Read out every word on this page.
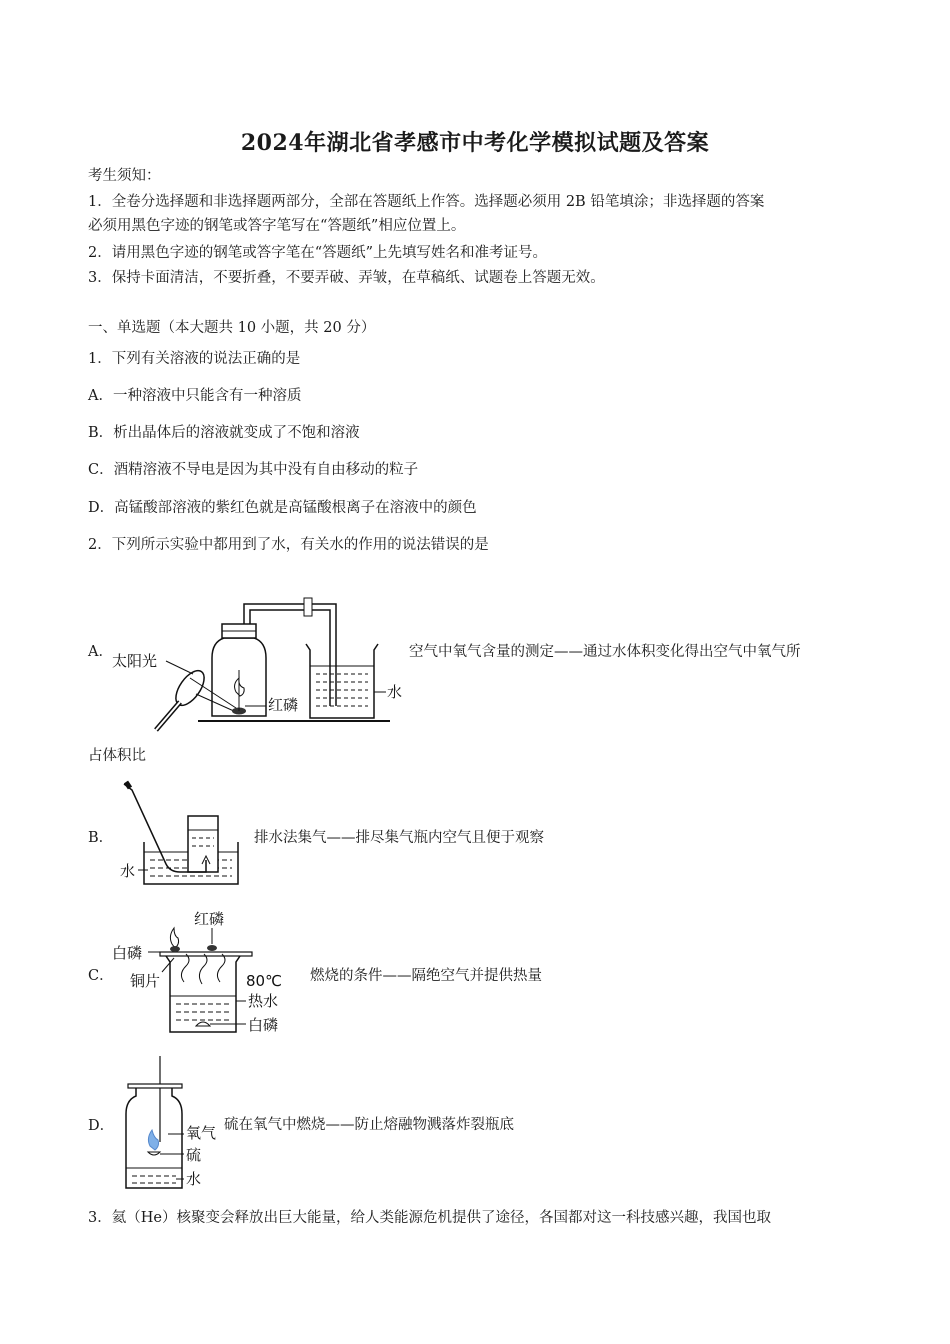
2024年湖北省孝感市中考化学模拟试题及答案
考生须知：
1．全卷分选择题和非选择题两部分，全部在答题纸上作答。选择题必须用 2B 铅笔填涂；非选择题的答案
必须用黑色字迹的钢笔或答字笔写在“答题纸”相应位置上。
2．请用黑色字迹的钢笔或答字笔在“答题纸”上先填写姓名和准考证号。
3．保持卡面清洁，不要折叠，不要弄破、弄皱，在草稿纸、试题卷上答题无效。
一、单选题（本大题共 10 小题，共 20 分）
1．下列有关溶液的说法正确的是
A．一种溶液中只能含有一种溶质
B．析出晶体后的溶液就变成了不饱和溶液
C．酒精溶液不导电是因为其中没有自由移动的粒子
D．高锰酸部溶液的紫红色就是高锰酸根离子在溶液中的颜色
2．下列所示实验中都用到了水，有关水的作用的说法错误的是
A． 太阳光
红磷
水
空气中氧气含量的测定——通过水体积变化得出空气中氧气所
占体积比
B．
水
排水法集气——排尽集气瓶内空气且便于观察
C．
红磷
白磷
铜片	80℃
热水
白磷
燃烧的条件——隔绝空气并提供热量
D．	氧气
硫
水
硫在氧气中燃烧——防止熔融物溅落炸裂瓶底
3．氦（He）核聚变会释放出巨大能量，给人类能源危机提供了途径，各国都对这一科技感兴趣，我国也取
